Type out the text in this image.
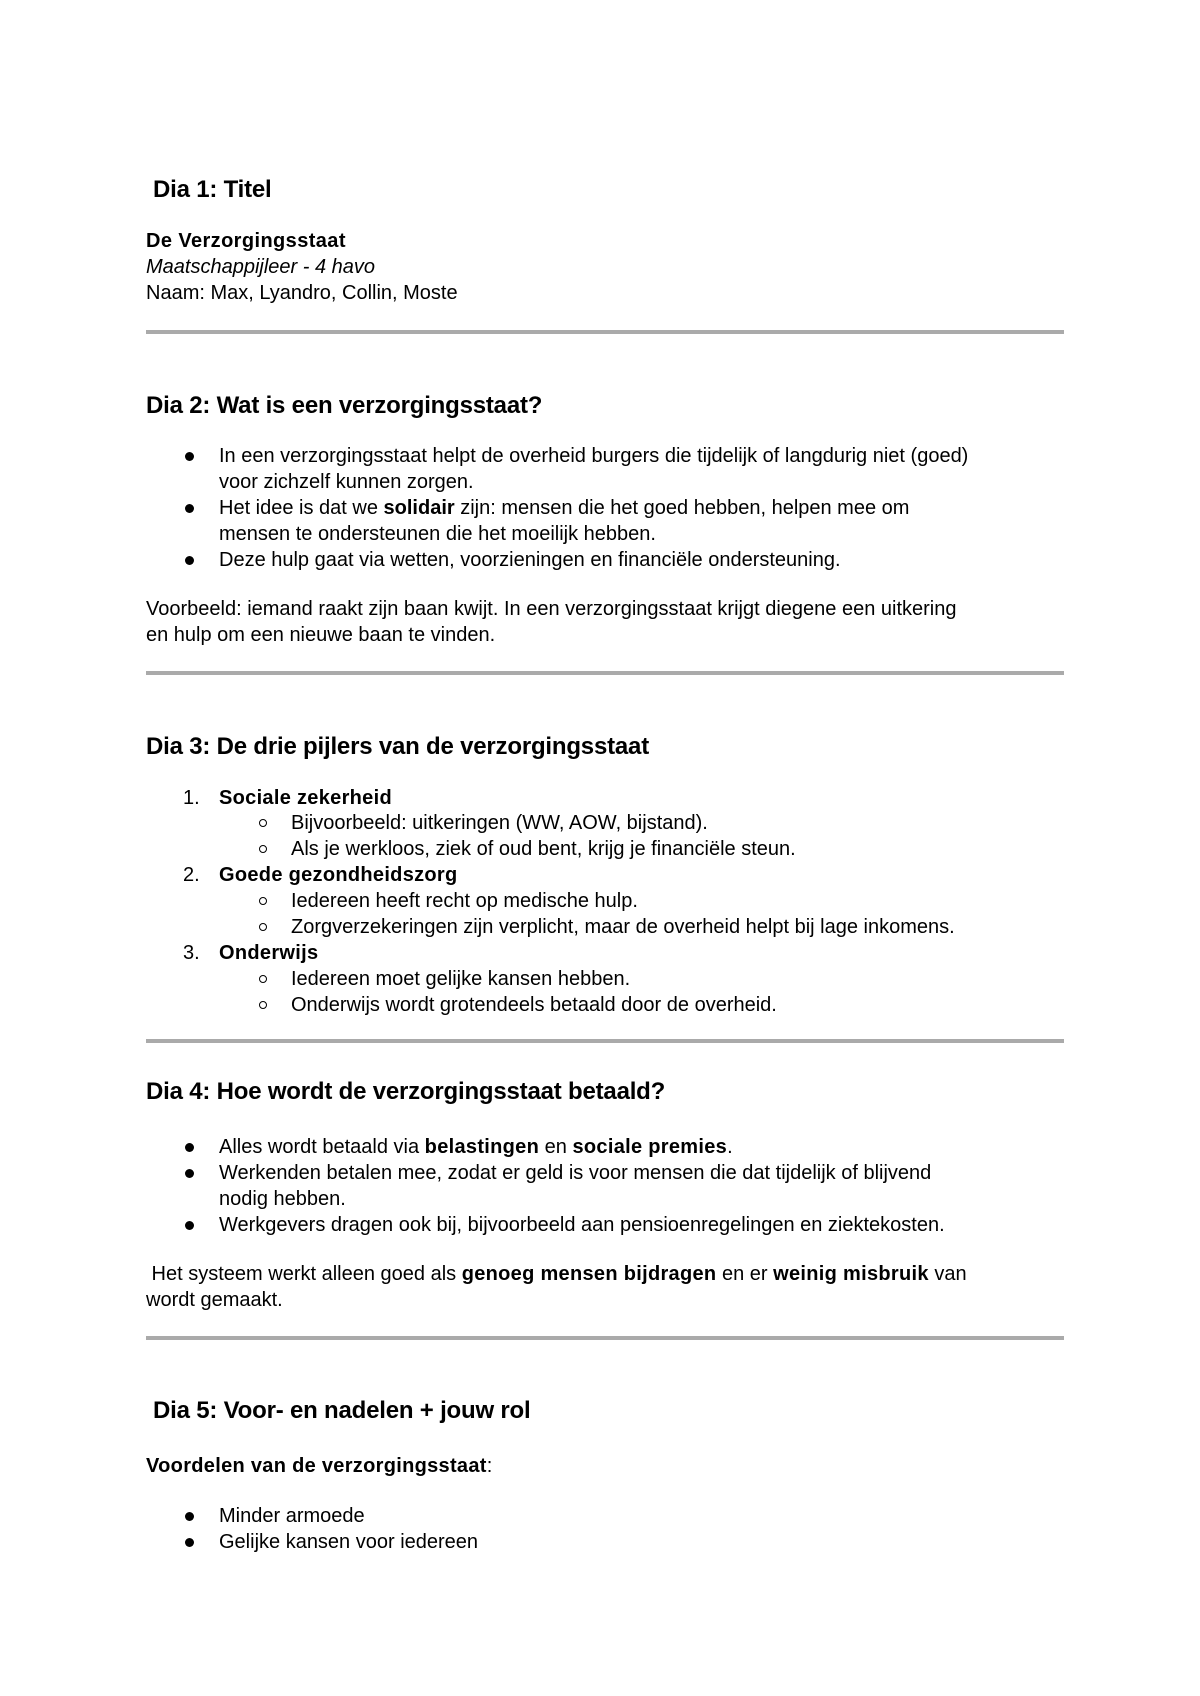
Dia 1: Titel
De Verzorgingsstaat
Maatschappijleer - 4 havo
Naam: Max, Lyandro, Collin, Moste
Dia 2: Wat is een verzorgingsstaat?
In een verzorgingsstaat helpt de overheid burgers die tijdelijk of langdurig niet (goed)
voor zichzelf kunnen zorgen.
Het idee is dat we solidair zijn: mensen die het goed hebben, helpen mee om
mensen te ondersteunen die het moeilijk hebben.
Deze hulp gaat via wetten, voorzieningen en financiële ondersteuning.
Voorbeeld: iemand raakt zijn baan kwijt. In een verzorgingsstaat krijgt diegene een uitkering
en hulp om een nieuwe baan te vinden.
Dia 3: De drie pijlers van de verzorgingsstaat
1. Sociale zekerheid
Bijvoorbeeld: uitkeringen (WW, AOW, bijstand).
Als je werkloos, ziek of oud bent, krijg je financiële steun.
2. Goede gezondheidszorg
Iedereen heeft recht op medische hulp.
Zorgverzekeringen zijn verplicht, maar de overheid helpt bij lage inkomens.
3. Onderwijs
Iedereen moet gelijke kansen hebben.
Onderwijs wordt grotendeels betaald door de overheid.
Dia 4: Hoe wordt de verzorgingsstaat betaald?
Alles wordt betaald via belastingen en sociale premies.
Werkenden betalen mee, zodat er geld is voor mensen die dat tijdelijk of blijvend
nodig hebben.
Werkgevers dragen ook bij, bijvoorbeeld aan pensioenregelingen en ziektekosten.
Het systeem werkt alleen goed als genoeg mensen bijdragen en er weinig misbruik van
wordt gemaakt.
Dia 5: Voor- en nadelen + jouw rol
Voordelen van de verzorgingsstaat:
Minder armoede
Gelijke kansen voor iedereen
